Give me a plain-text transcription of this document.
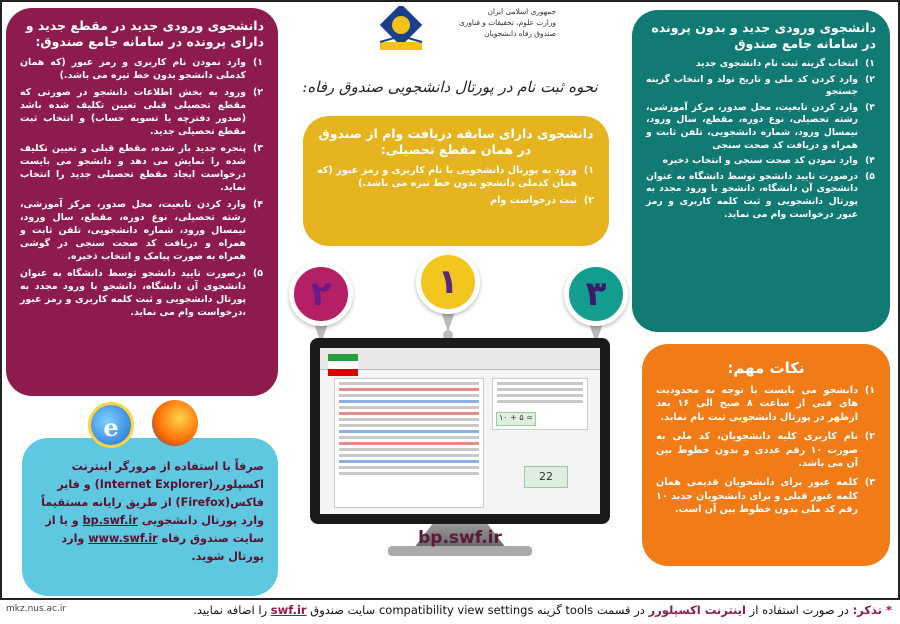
جمهوری اسلامی ایران
وزارت علوم، تحقیقات و فناوری
صندوق رفاه دانشجویان
نحوه ثبت نام در پورتال دانشجویی صندوق رفاه:
دانشجوی ورودی جدید در مقطع جدید و دارای پرونده در سامانه جامع صندوق:
۱)
وارد نمودن نام کاربری و رمز عبور (که همان کدملی دانشجو بدون خط تیره می باشد.)
۲)
ورود به بخش اطلاعات دانشجو در صورتی که مقطع تحصیلی قبلی تعیین تکلیف شده باشد (صدور دفترچه یا تسویه حساب) و انتخاب ثبت مقطع تحصیلی جدید.
۳)
پنجره جدید باز شده، مقطع قبلی و تعیین تکلیف شده را نمایش می دهد و دانشجو می بایست درخواست ایجاد مقطع تحصیلی جدید را انتخاب نماید.
۴)
وارد کردن تابعیت، محل صدور، مرکز آموزشی، رشته تحصیلی، نوع دوره، مقطع، سال ورود، نیمسال ورود، شماره دانشجویی، تلفن ثابت و همراه و دریافت کد صحت سنجی در گوشی همراه به صورت پیامک و انتخاب ذخیره.
۵)
درصورت تایید دانشجو توسط دانشگاه به عنوان دانشجوی آن دانشگاه، دانشجو با ورود مجدد به پورتال دانشجویی و ثبت کلمه کاربری و رمز عبور ،درخواست وام می نماید.
دانشجوی دارای سابقه دریافت وام از صندوق در همان مقطع تحصیلی:
۱)
ورود به پورتال دانشجویی با نام کاربری و رمز عبور (که همان کدملی دانشجو بدون خط تیره می باشد.)
۲)
ثبت درخواست وام
دانشجوی ورودی جدید و بدون پرونده در سامانه جامع صندوق
۱)
انتخاب گزینه ثبت نام دانشجوی جدید
۲)
وارد کردن کد ملی و تاریخ تولد و انتخاب گزینه جستجو
۳)
وارد کردن تابعیت، محل صدور، مرکز آموزشی، رشته تحصیلی، نوع دوره، مقطع، سال ورود، نیمسال ورود، شماره دانشجویی، تلفن ثابت و همراه و دریافت کد صحت سنجی
۴)
وارد نمودن کد صحت سنجی و انتخاب ذخیره
۵)
درصورت تایید دانشجو توسط دانشگاه به عنوان دانشجوی آن دانشگاه، دانشجو با ورود مجدد به پورتال دانشجویی و ثبت کلمه کاربری و رمز عبور درخواست وام می نماید.
نکات مهم:
۱)
دانشجو می بایست با توجه به محدودیت های فنی از ساعت ۸ صبح الی ۱۶ بعد ازظهر در پورتال دانشجویی ثبت نام نماید.
۲)
نام کاربری کلیه دانشجویان، کد ملی به صورت ۱۰ رقم عددی و بدون خطوط بین آن می باشد.
۳)
کلمه عبور برای دانشجویان قدیمی همان کلمه عبور قبلی و برای دانشجویان جدید ۱۰ رقم کد ملی بدون خطوط بین آن است.
صرفاً با استفاده از مرورگر اینترنت اکسپلورر(Internet Explorer) و فایر فاکس(Firefox) از طریق رایانه مستقیماً وارد پورتال دانشجویی bp.swf.ir و یا از سایت صندوق رفاه www.swf.ir وارد پورتال شوید.
e
۲	۱	۳
۱۰ + ۵ =
22
bp.swf.ir
* تذکر: در صورت استفاده از اینترنت اکسپلورر در قسمت tools گزینه compatibility view settings سایت صندوق swf.ir را اضافه نمایید.
mkz.nus.ac.ir
